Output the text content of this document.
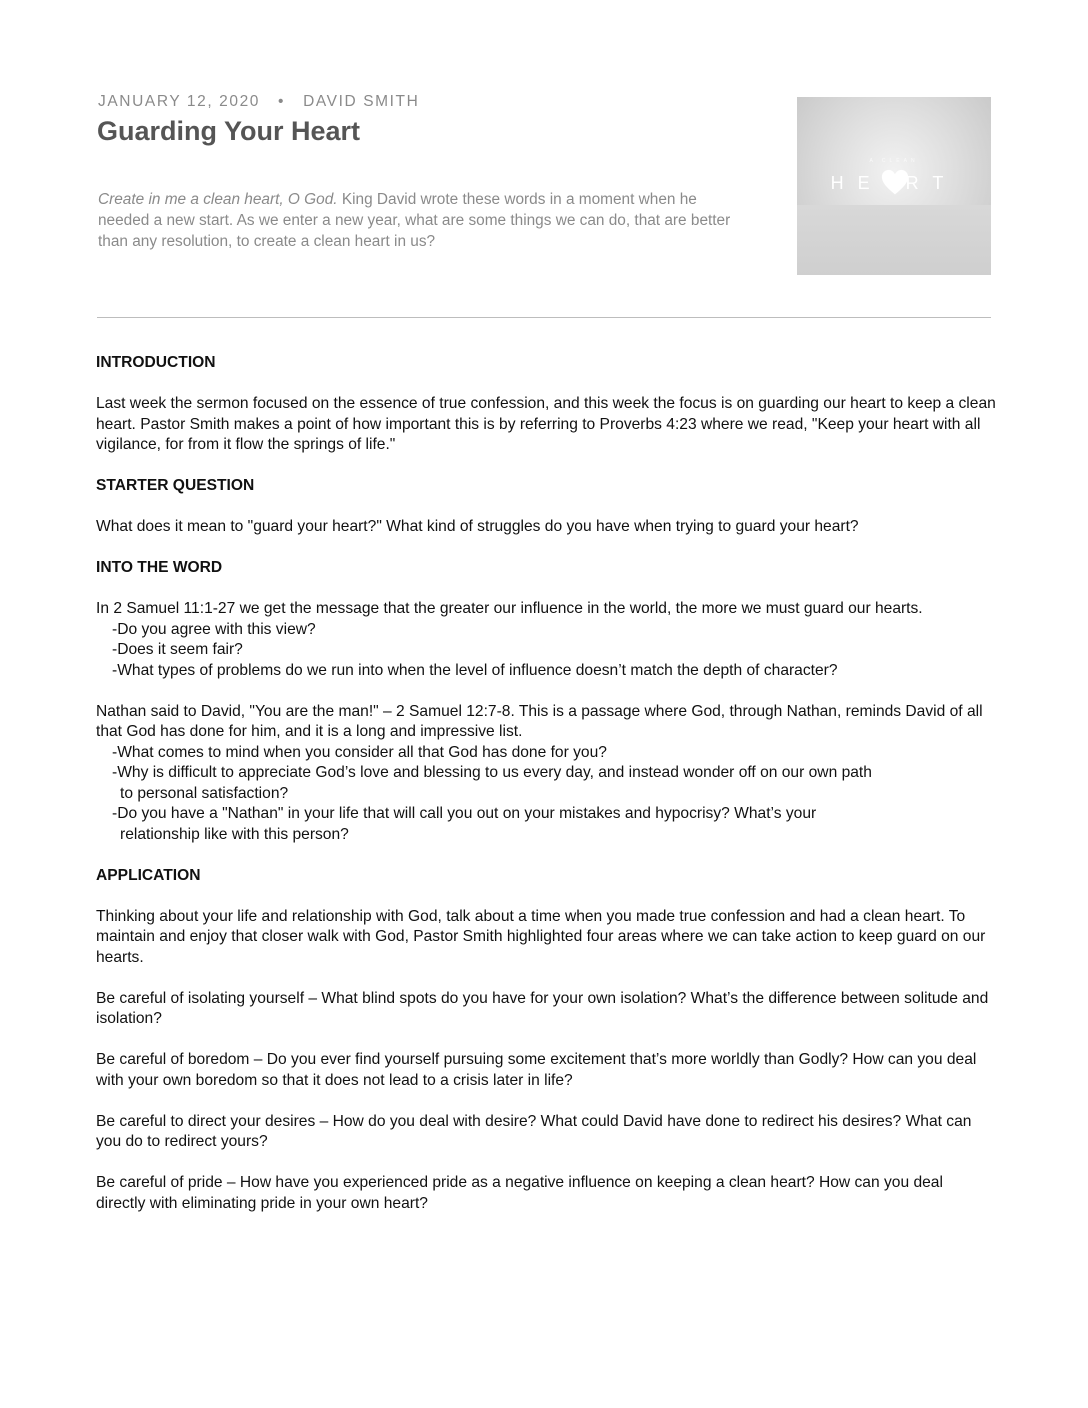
JANUARY 12, 2020 • DAVID SMITH
Guarding Your Heart

Create in me a clean heart, O God. King David wrote these words in a moment when he needed a new start. As we enter a new year, what are some things we can do, that are better than any resolution, to create a clean heart in us?

A CLEAN
HE RT
INTRODUCTION

Last week the sermon focused on the essence of true confession, and this week the focus is on guarding our heart to keep a clean heart. Pastor Smith makes a point of how important this is by referring to Proverbs 4:23 where we read, "Keep your heart with all vigilance, for from it flow the springs of life."

STARTER QUESTION

What does it mean to "guard your heart?" What kind of struggles do you have when trying to guard your heart?

INTO THE WORD

In 2 Samuel 11:1-27 we get the message that the greater our influence in the world, the more we must guard our hearts.

-Do you agree with this view?
-Does it seem fair?
-What types of problems do we run into when the level of influence doesn’t match the depth of character?

Nathan said to David, "You are the man!" – 2 Samuel 12:7-8. This is a passage where God, through Nathan, reminds David of all that God has done for him, and it is a long and impressive list.

-What comes to mind when you consider all that God has done for you?
-Why is difficult to appreciate God’s love and blessing to us every day, and instead wonder off on our own path
to personal satisfaction?
-Do you have a "Nathan" in your life that will call you out on your mistakes and hypocrisy? What’s your
relationship like with this person?
APPLICATION

Thinking about your life and relationship with God, talk about a time when you made true confession and had a clean heart. To maintain and enjoy that closer walk with God, Pastor Smith highlighted four areas where we can take action to keep guard on our hearts.

Be careful of isolating yourself – What blind spots do you have for your own isolation? What’s the difference between solitude and isolation?

Be careful of boredom – Do you ever find yourself pursuing some excitement that’s more worldly than Godly? How can you deal with your own boredom so that it does not lead to a crisis later in life?

Be careful to direct your desires – How do you deal with desire? What could David have done to redirect his desires? What can you do to redirect yours?

Be careful of pride – How have you experienced pride as a negative influence on keeping a clean heart? How can you deal directly with eliminating pride in your own heart?
